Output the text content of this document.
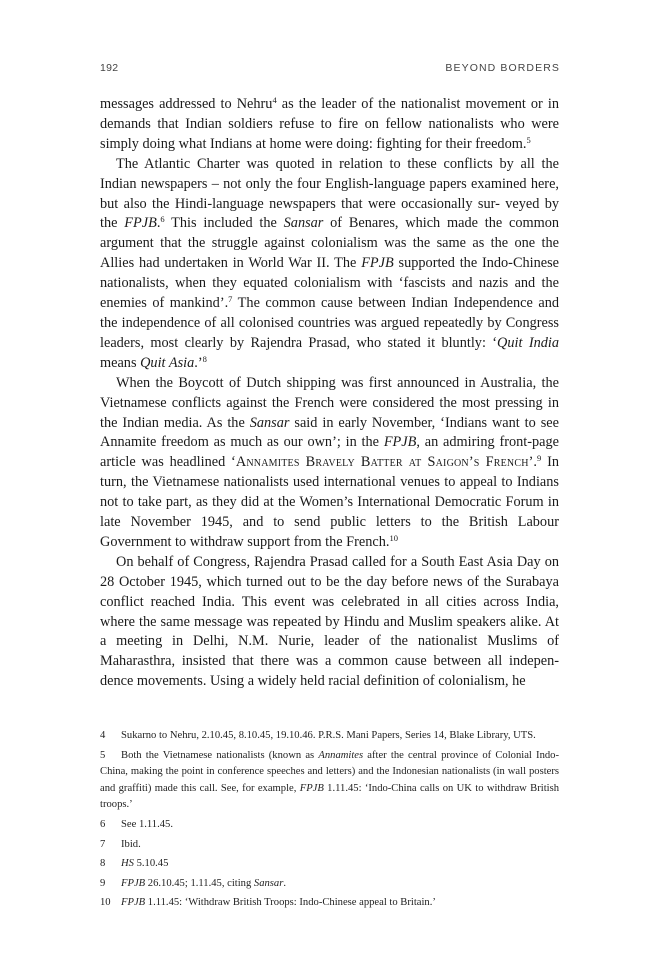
192	BEYOND BORDERS

messages addressed to Nehru$^4$ as the leader of the nationalist movement or in demands that Indian soldiers refuse to fire on fellow nationalists who were simply doing what Indians at home were doing: fighting for their freedom.$^5$

The Atlantic Charter was quoted in relation to these conflicts by all the Indian newspapers – not only the four English-language papers examined here, but also the Hindi-language newspapers that were occasionally sur- veyed by the FPJB.$^6$ This included the Sansar of Benares, which made the common argument that the struggle against colonialism was the same as the one the Allies had undertaken in World War II. The FPJB supported the Indo-Chinese nationalists, when they equated colonialism with ‘fascists and nazis and the enemies of mankind’.$^7$ The common cause between Indian Independence and the independence of all colonised countries was argued repeatedly by Congress leaders, most clearly by Rajendra Prasad, who stated it bluntly: ‘Quit India means Quit Asia.’$^8$

When the Boycott of Dutch shipping was first announced in Australia, the Vietnamese conflicts against the French were considered the most pressing in the Indian media. As the Sansar said in early November, ‘Indians want to see Annamite freedom as much as our own’; in the FPJB, an admiring front-page article was headlined ‘Annamites Bravely Batter at Saigon’s French’.$^9$ In turn, the Vietnamese nationalists used international venues to appeal to Indians not to take part, as they did at the Women’s International Democratic Forum in late November 1945, and to send public letters to the British Labour Government to withdraw support from the French.$^{10}$

On behalf of Congress, Rajendra Prasad called for a South East Asia Day on 28 October 1945, which turned out to be the day before news of the Surabaya conflict reached India. This event was celebrated in all cities across India, where the same message was repeated by Hindu and Muslim speakers alike. At a meeting in Delhi, N.M. Nurie, leader of the nationalist Muslims of Maharasthra, insisted that there was a common cause between all indepen- dence movements. Using a widely held racial definition of colonialism, he

4 Sukarno to Nehru, 2.10.45, 8.10.45, 19.10.46. P.R.S. Mani Papers, Series 14, Blake Library, UTS.

5 Both the Vietnamese nationalists (known as Annamites after the central province of Colonial Indo-China, making the point in conference speeches and letters) and the Indonesian nationalists (in wall posters and graffiti) made this call. See, for example, FPJB 1.11.45: ‘Indo-China calls on UK to withdraw British troops.’

6 See 1.11.45.

7 Ibid.

8 HS 5.10.45

9 FPJB 26.10.45; 1.11.45, citing Sansar.

10 FPJB 1.11.45: ‘Withdraw British Troops: Indo-Chinese appeal to Britain.’
